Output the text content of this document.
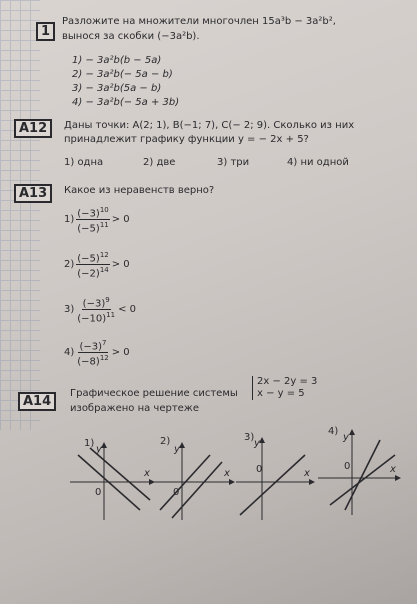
1
Разложите на множители многочлен 15a³b − 3a²b²,
вынося за скобки (−3a²b).
1) − 3a²b(b − 5a)
2) − 3a²b(− 5a − b)
3) − 3a²b(5a − b)
4) − 3a²b(− 5a + 3b)
A12	Даны точки: A(2; 1), B(−1; 7), C(− 2; 9). Сколько из них
принадлежит графику функции y = − 2x + 5?
1) одна	2) две	3) три	4) ни одной
A13	Какое из неравенств верно?
1)
$(-3)^{10}$
$(-5)^{11} > 0$
2)
$(-5)^{12}$
$(-2)^{14} > 0$
3)
$(-3)^9$
$(-10)^{11} < 0$
4)
$(-3)^7$
$(-8)^{12} > 0$
A14
Графическое решение системы
изображено на чертеже
2x − 2y = 3
x − y = 5
1)
y
x
0
2)
y
x
0
3)
y
x
0
4)
y
x
0
